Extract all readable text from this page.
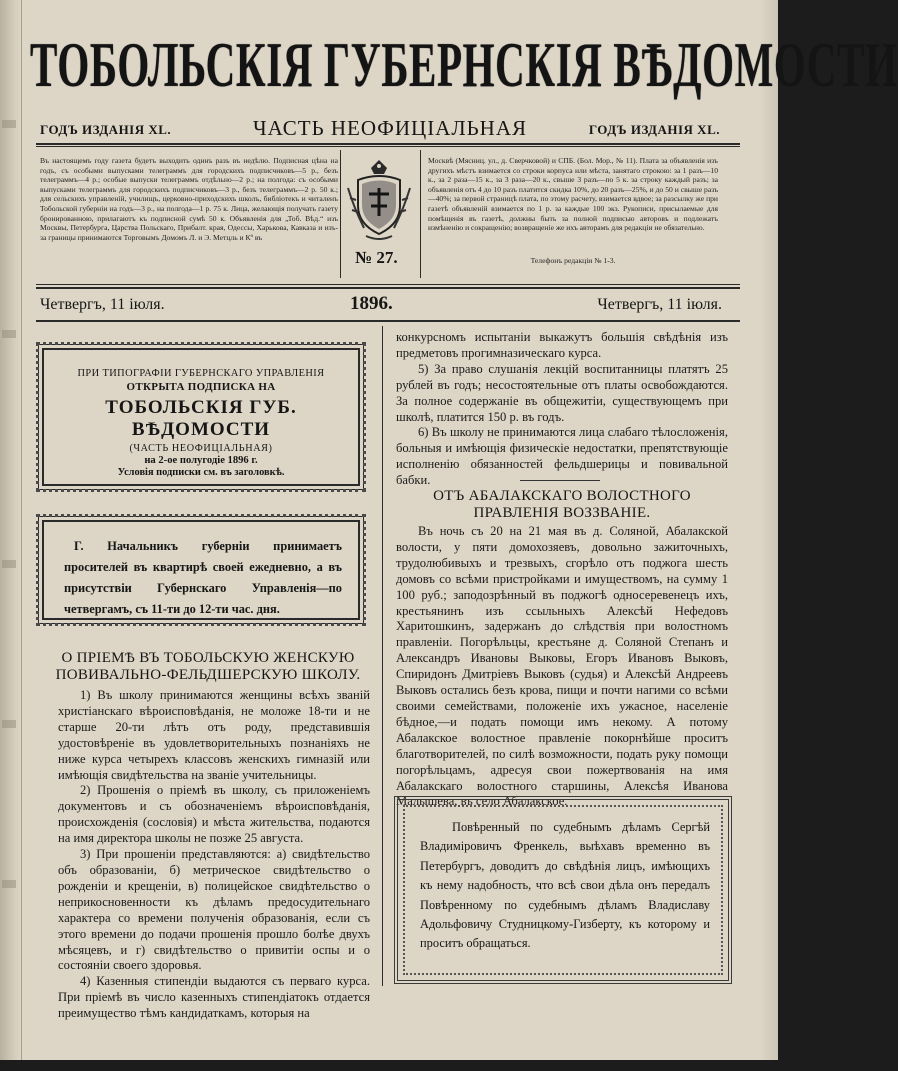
ТОБОЛЬСКІЯ ГУБЕРНСКІЯ ВѢДОМОСТИ
ГОДЪ ИЗДАНІЯ XL.	ЧАСТЬ НЕОФИЦІАЛЬНАЯ	ГОДЪ ИЗДАНІЯ XL.
Въ настоящемъ году газета будетъ выходить одинъ разъ въ недѣлю. Подписная цѣна на годъ, съ особыми выпусками телеграммъ для городскихъ подписчиковъ—5 р., безъ телеграммъ—4 р.; особые выпуски телеграммъ отдѣльно—2 р.; на полгода: съ особыми выпусками телеграммъ для городскихъ подписчиковъ—3 р., безъ телеграммъ—2 р. 50 к.; для сельскихъ управленій, училищъ, церковно-приходскихъ школъ, библіотекъ и читаленъ Тобольской губерніи на годъ—3 р., на полгода—1 р. 75 к. Лица, желающія получать газету бронированною, прилагаютъ къ подписной сумѣ 50 к. Объявленія для „Тоб. Вѣд.“ изъ Москвы, Петербурга, Царства Польскаго, Прибалт. края, Одессы, Харькова, Кавказа и изъ-за границы принимаются Торговымъ Домомъ Л. и Э. Метцль и Кº въ
№ 27.
Москвѣ (Мясниц. ул., д. Сверчковой) и СПБ. (Бол. Мор., № 11). Плата за объявленія изъ другихъ мѣстъ взимается со строки корпуса или мѣста, занятаго строкою: за 1 разъ—10 к., за 2 раза—15 к., за 3 раза—20 к., свыше 3 разъ—по 5 к. за строку каждый разъ; за объявленія отъ 4 до 10 разъ платится скидка 10%, до 20 разъ—25%, и до 50 и свыше разъ—40%; за первой страницѣ плата, по этому расчету, взимается вдвое; за разсылку же при газетѣ объявленій взимается по 1 р. за каждые 100 экз. Рукописи, присылаемые для помѣщенія въ газетѣ, должны быть за полной подписью авторовъ и подлежатъ измѣненію и сокращенію; возвращеніе же ихъ авторамъ для редакціи не обязательно.
Телефонъ редакціи № 1-3.
Четвергъ, 11 іюля.	1896.	Четвергъ, 11 іюля.
ПРИ ТИПОГРАФІИ ГУБЕРНСКАГО УПРАВЛЕНІЯ
ОТКРЫТА ПОДПИСКА НА
ТОБОЛЬСКІЯ ГУБ. ВѢДОМОСТИ
(ЧАСТЬ НЕОФИЦІАЛЬНАЯ)
на 2-ое полугодіе 1896 г.
Условія подписки см. въ заголовкѣ.
Г. Начальникъ губерніи принимаетъ просителей въ квартирѣ своей ежедневно, а въ присутствіи Губернскаго Управленія—по четвергамъ, съ 11-ти до 12-ти час. дня.
О ПРІЕМѢ ВЪ ТОБОЛЬСКУЮ ЖЕНСКУЮ ПОВИВАЛЬНО-ФЕЛЬДШЕРСКУЮ ШКОЛУ.

1) Въ школу принимаются женщины всѣхъ званій христіанскаго вѣроисповѣданія, не моложе 18-ти и не старше 20-ти лѣтъ отъ роду, представившія удостовѣреніе въ удовлетворительныхъ познаніяхъ не ниже курса четырехъ классовъ женскихъ гимназій или имѣющія свидѣтельства на званіе учительницы.

2) Прошенія о пріемѣ въ школу, съ приложеніемъ документовъ и съ обозначеніемъ вѣроисповѣданія, происхожденія (сословія) и мѣста жительства, подаются на имя директора школы не позже 25 августа.

3) При прошеніи представляются: а) свидѣтельство объ образованіи, б) метрическое свидѣтельство о рожденіи и крещеніи, в) полицейское свидѣтельство о неприкосновенности къ дѣламъ предосудительнаго характера со времени полученія образованія, если съ этого времени до подачи прошенія прошло болѣе двухъ мѣсяцевъ, и г) свидѣтельство о привитіи оспы и о состояніи своего здоровья.

4) Казенныя стипендіи выдаются съ перваго курса. При пріемѣ въ число казенныхъ стипендіатокъ отдается преимущество тѣмъ кандидаткамъ, которыя на

конкурсномъ испытаніи выкажутъ большія свѣдѣнія изъ предметовъ прогимназическаго курса.

5) За право слушанія лекцій воспитанницы платятъ 25 рублей въ годъ; несостоятельные отъ платы освобождаются. За полное содержаніе въ общежитіи, существующемъ при школѣ, платится 150 р. въ годъ.

6) Въ школу не принимаются лица слабаго тѣлосложенія, больныя и имѣющія физическіе недостатки, препятствующіе исполненію обязанностей фельдшерицы и повивальной бабки.

ОТЪ АБАЛАКСКАГО ВОЛОСТНОГО ПРАВЛЕНІЯ ВОЗЗВАНІЕ.

Въ ночь съ 20 на 21 мая въ д. Соляной, Абалакской волости, у пяти домохозяевъ, довольно зажиточныхъ, трудолюбивыхъ и трезвыхъ, сгорѣло отъ поджога шесть домовъ со всѣми пристройками и имуществомъ, на сумму 1 100 руб.; заподозрѣнный въ поджогѣ односеревенецъ ихъ, крестьянинъ изъ ссыльныхъ Алексѣй Нефедовъ Харитошкинъ, задержанъ до слѣдствія при волостномъ правленіи. Погорѣльцы, крестьяне д. Соляной Степанъ и Александръ Ивановы Выковы, Егоръ Ивановъ Выковъ, Спиридонъ Дмитріевъ Выковъ (судья) и Алексѣй Андреевъ Выковъ остались безъ крова, пищи и почти нагими со всѣми своими семействами, положеніе ихъ ужасное, населеніе бѣдное,—и подать помощи имъ некому. А потому Абалакское волостное правленіе покорнѣйше проситъ благотворителей, по силѣ возможности, подать руку помощи погорѣльцамъ, адресуя свои пожертвованія на имя Абалакскаго волостного старшины, Алексѣя Иванова Малышева, въ село Абалакское.

Повѣренный по судебнымъ дѣламъ Сергѣй Владиміровичъ Френкель, выѣхавъ временно въ Петербургъ, доводитъ до свѣдѣнія лицъ, имѣющихъ къ нему надобность, что всѣ свои дѣла онъ передалъ Повѣренному по судебнымъ дѣламъ Владиславу Адольфовичу Студницкому-Гизберту, къ которому и проситъ обращаться.
